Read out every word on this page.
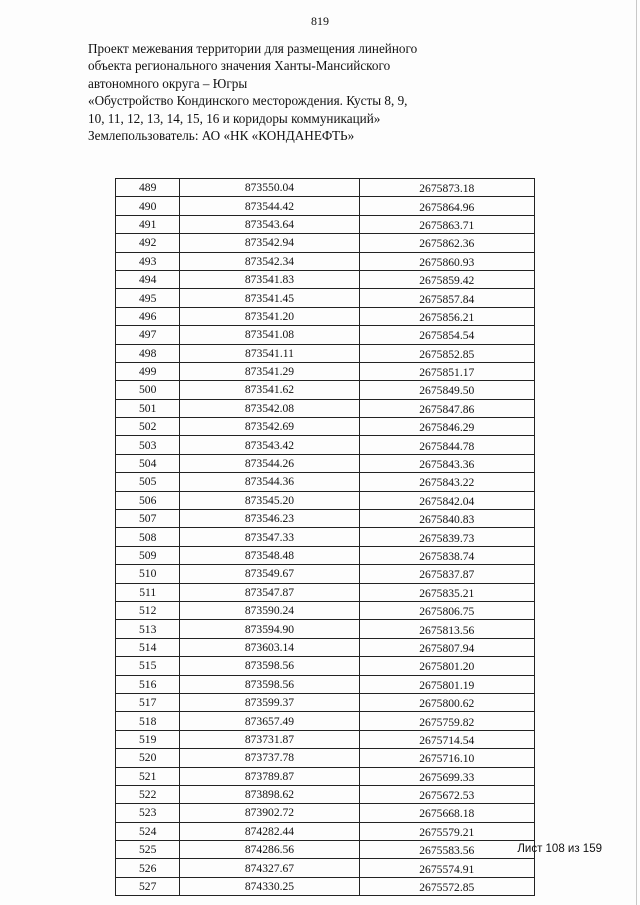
819
Проект межевания территории для размещения линейного
объекта регионального значения Ханты-Мансийского
автономного округа – Югры
«Обустройство Кондинского месторождения. Кусты 8, 9,
10, 11, 12, 13, 14, 15, 16 и коридоры коммуникаций»
Землепользователь: АО «НК «КОНДАНЕФТЬ»
489	873550.04	2675873.18
490	873544.42	2675864.96
491	873543.64	2675863.71
492	873542.94	2675862.36
493	873542.34	2675860.93
494	873541.83	2675859.42
495	873541.45	2675857.84
496	873541.20	2675856.21
497	873541.08	2675854.54
498	873541.11	2675852.85
499	873541.29	2675851.17
500	873541.62	2675849.50
501	873542.08	2675847.86
502	873542.69	2675846.29
503	873543.42	2675844.78
504	873544.26	2675843.36
505	873544.36	2675843.22
506	873545.20	2675842.04
507	873546.23	2675840.83
508	873547.33	2675839.73
509	873548.48	2675838.74
510	873549.67	2675837.87
511	873547.87	2675835.21
512	873590.24	2675806.75
513	873594.90	2675813.56
514	873603.14	2675807.94
515	873598.56	2675801.20
516	873598.56	2675801.19
517	873599.37	2675800.62
518	873657.49	2675759.82
519	873731.87	2675714.54
520	873737.78	2675716.10
521	873789.87	2675699.33
522	873898.62	2675672.53
523	873902.72	2675668.18
524	874282.44	2675579.21
525	874286.56	2675583.56
526	874327.67	2675574.91
527	874330.25	2675572.85
Лист 108 из 159
